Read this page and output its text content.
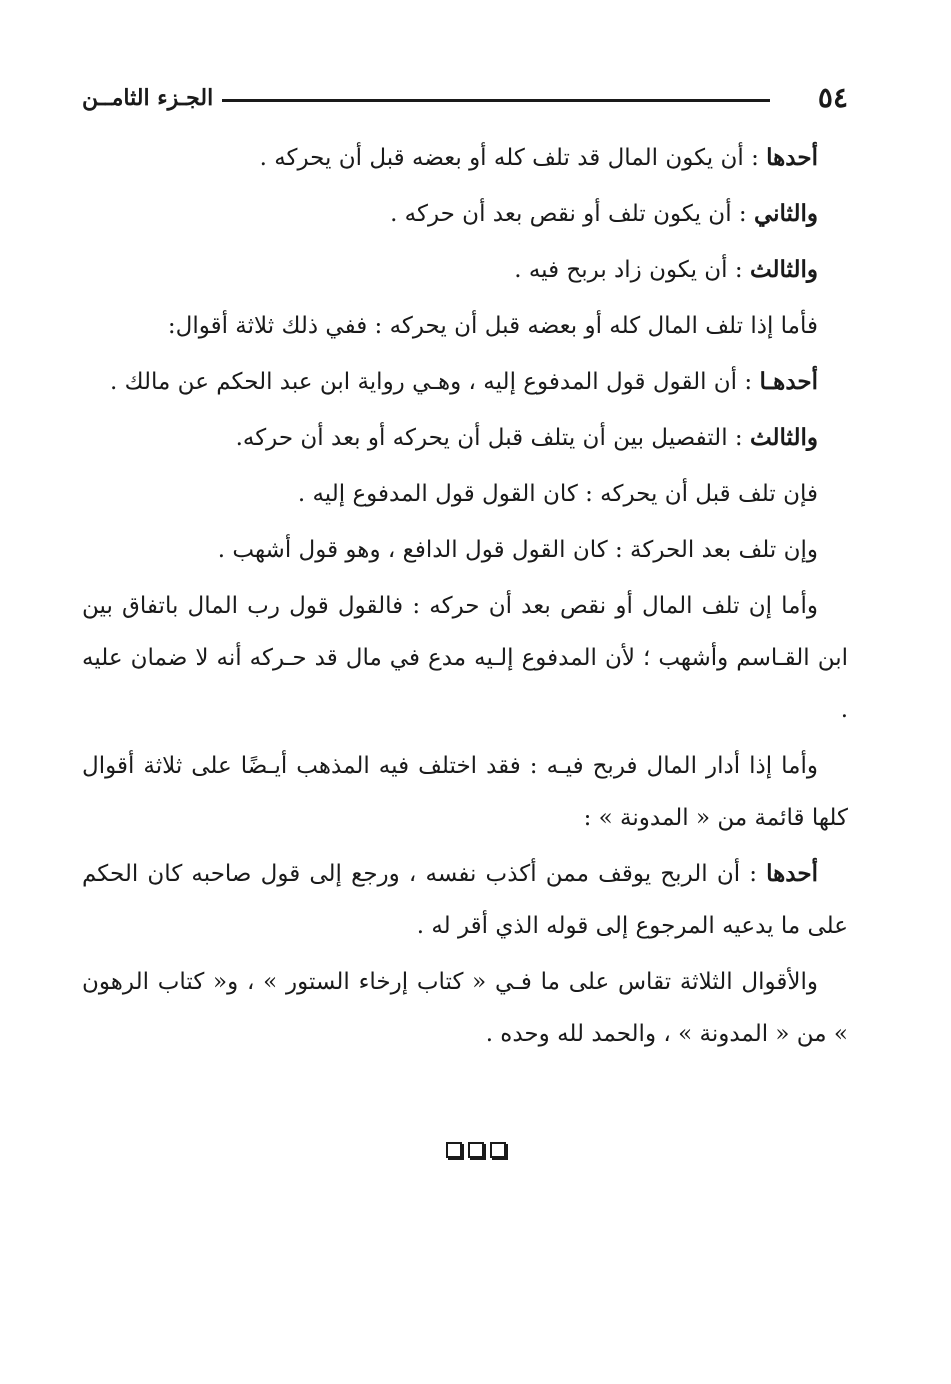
٥٤
الجـزء الثامــن

أحدها : أن يكون المال قد تلف كله أو بعضه قبل أن يحركه .

والثاني : أن يكون تلف أو نقص بعد أن حركه .

والثالث : أن يكون زاد بربح فيه .

فأما إذا تلف المال كله أو بعضه قبل أن يحركه : ففي ذلك ثلاثة أقوال:

أحدهـا : أن القول قول المدفوع إليه ، وهـي رواية ابن عبد الحكم عن مالك .

والثالث : التفصيل بين أن يتلف قبل أن يحركه أو بعد أن حركه.

فإن تلف قبل أن يحركه : كان القول قول المدفوع إليه .

وإن تلف بعد الحركة : كان القول قول الدافع ، وهو قول أشهب .

وأما إن تلف المال أو نقص بعد أن حركه : فالقول قول رب المال باتفاق بين ابن القـاسم وأشهب ؛ لأن المدفوع إلـيه مدع في مال قد حـركه أنه لا ضمان عليه .

وأما إذا أدار المال فربح فيـه : فقد اختلف فيه المذهب أيـضًا على ثلاثة أقوال كلها قائمة من « المدونة » :

أحدها : أن الربح يوقف ممن أكذب نفسه ، ورجع إلى قول صاحبه كان الحكم على ما يدعيه المرجوع إلى قوله الذي أقر له .

والأقوال الثلاثة تقاس على ما فـي « كتاب إرخاء الستور » ، و« كتاب الرهون » من « المدونة » ، والحمد لله وحده .
